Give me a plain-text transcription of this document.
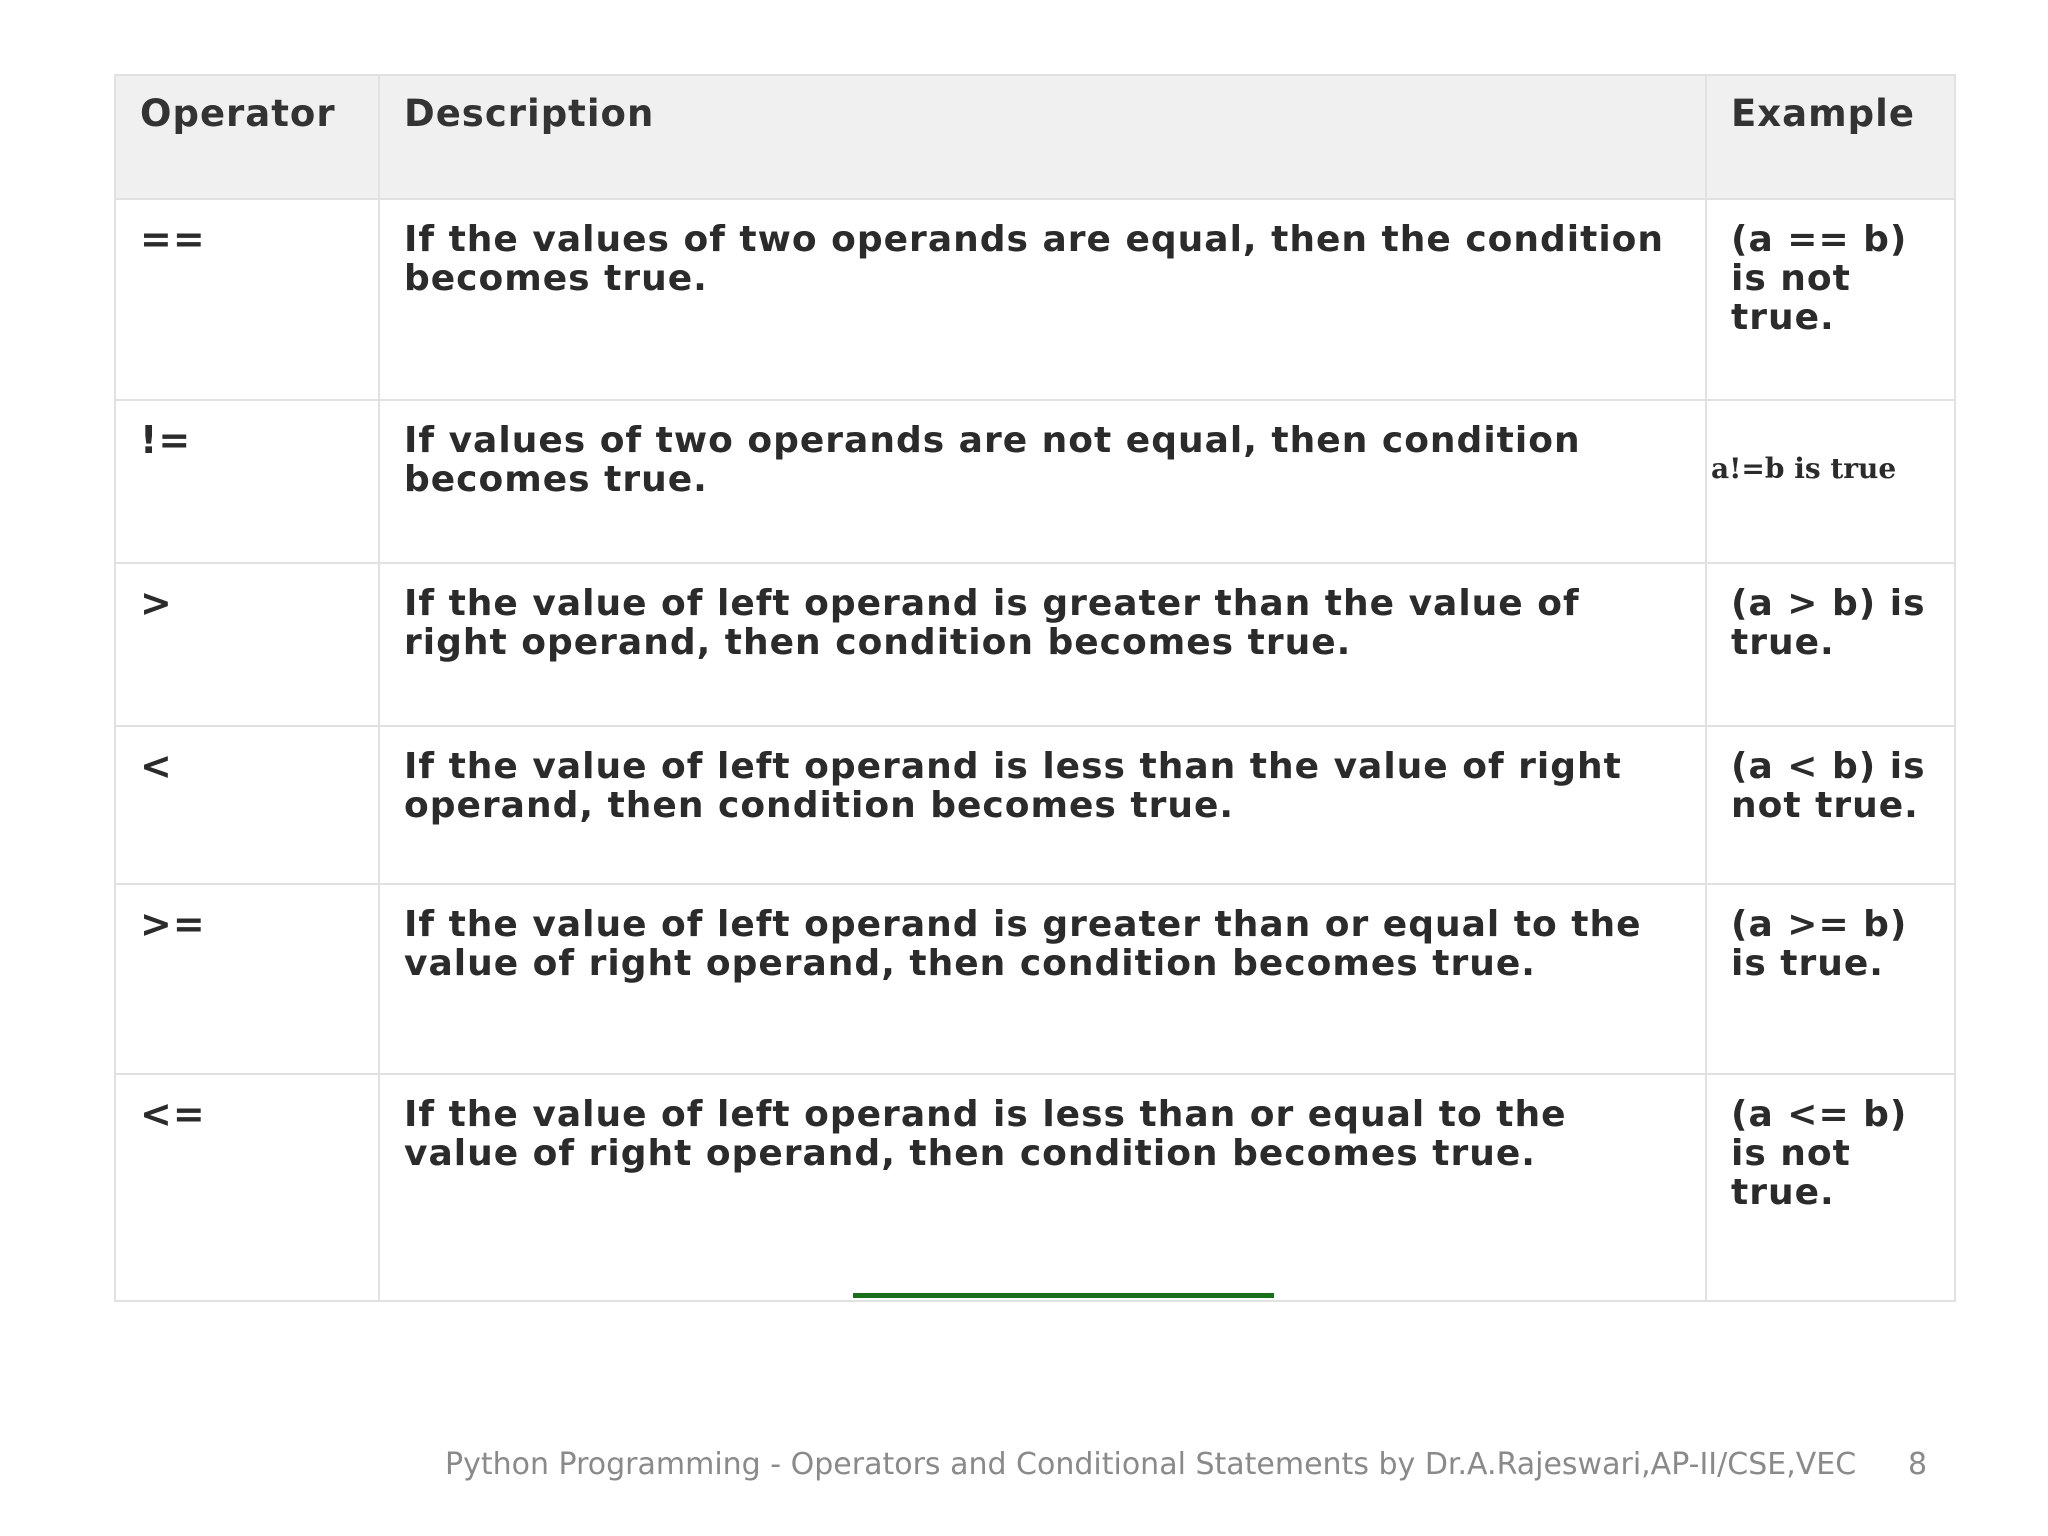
Operator	Description	Example
==	If the values of two operands are equal, then the condition becomes true.	(a == b) is not true.
!=	If values of two operands are not equal, then condition becomes true.	a!=b is true
>	If the value of left operand is greater than the value of right operand, then condition becomes true.	(a > b) is true.
<	If the value of left operand is less than the value of right operand, then condition becomes true.	(a < b) is not true.
>=	If the value of left operand is greater than or equal to the value of right operand, then condition becomes true.	(a >= b) is true.
<=	If the value of left operand is less than or equal to the value of right operand, then condition becomes true.	(a <= b) is not true.
Python Programming - Operators and Conditional Statements by Dr.A.Rajeswari,AP-II/CSE,VEC 8
